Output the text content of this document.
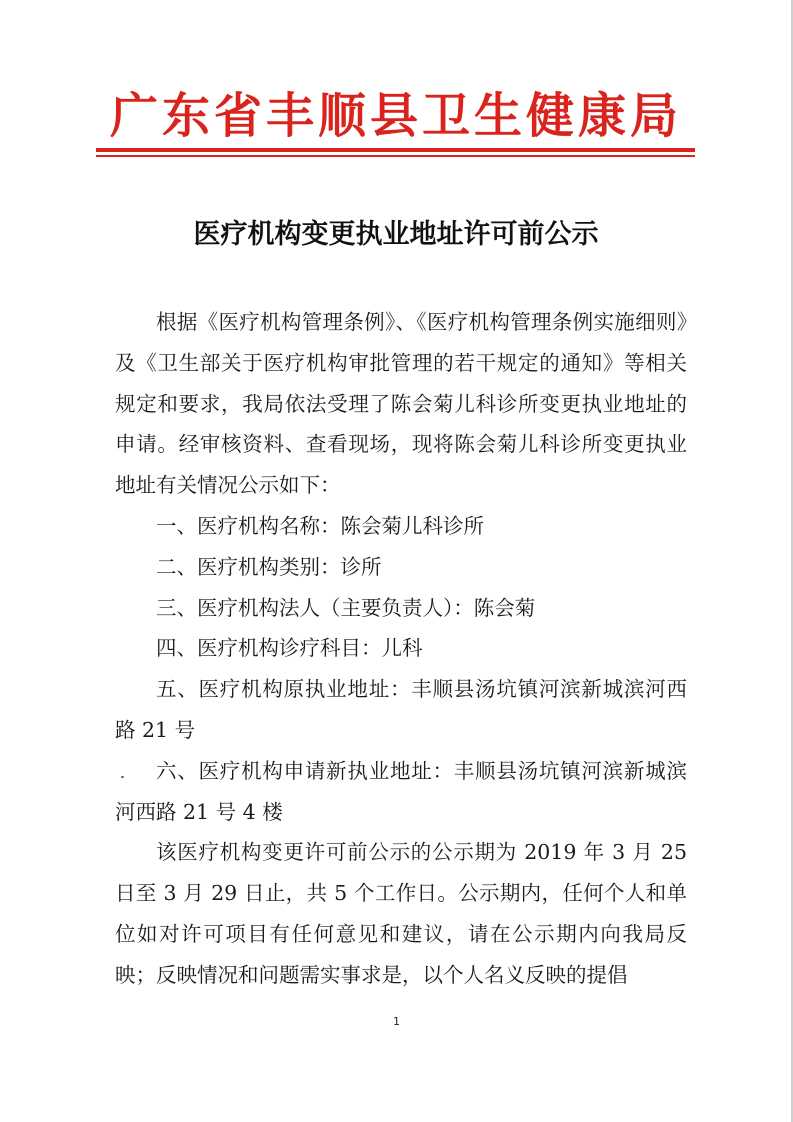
广东省丰顺县卫生健康局
医疗机构变更执业地址许可前公示

根据《医疗机构管理条例》、《医疗机构管理条例实施细则》及《卫生部关于医疗机构审批管理的若干规定的通知》等相关规定和要求，我局依法受理了陈会菊儿科诊所变更执业地址的申请。经审核资料、查看现场，现将陈会菊儿科诊所变更执业地址有关情况公示如下：

一、医疗机构名称：陈会菊儿科诊所

二、医疗机构类别：诊所

三、医疗机构法人（主要负责人）：陈会菊

四、医疗机构诊疗科目：儿科

五、医疗机构原执业地址：丰顺县汤坑镇河滨新城滨河西路 21 号

六、医疗机构申请新执业地址：丰顺县汤坑镇河滨新城滨河西路 21 号 4 楼

该医疗机构变更许可前公示的公示期为 2019 年 3 月 25 日至 3 月 29 日止，共 5 个工作日。公示期内，任何个人和单位如对许可项目有任何意见和建议，请在公示期内向我局反映；反映情况和问题需实事求是，以个人名义反映的提倡

1
